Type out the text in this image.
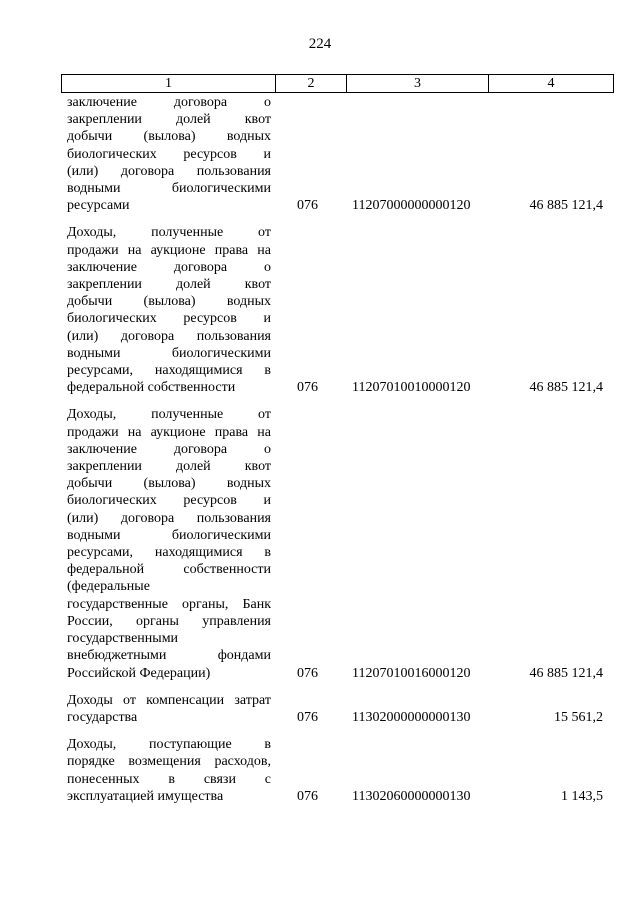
224
1	2	3	4
заключение договора о
закреплении долей квот
добычи (вылова) водных
биологических ресурсов и
(или) договора пользования
водными биологическими
ресурсами	076	11207000000000120	46 885 121,4
Доходы, полученные от
продажи на аукционе права на
заключение договора о
закреплении долей квот
добычи (вылова) водных
биологических ресурсов и
(или) договора пользования
водными биологическими
ресурсами, находящимися в
федеральной собственности	076	11207010010000120	46 885 121,4
Доходы, полученные от
продажи на аукционе права на
заключение договора о
закреплении долей квот
добычи (вылова) водных
биологических ресурсов и
(или) договора пользования
водными биологическими
ресурсами, находящимися в
федеральной собственности
(федеральные
государственные органы, Банк
России, органы управления
государственными
внебюджетными фондами
Российской Федерации)	076	11207010016000120	46 885 121,4
Доходы от компенсации затрат
государства	076	11302000000000130	15 561,2
Доходы, поступающие в
порядке возмещения расходов,
понесенных в связи с
эксплуатацией имущества	076	11302060000000130	1 143,5
